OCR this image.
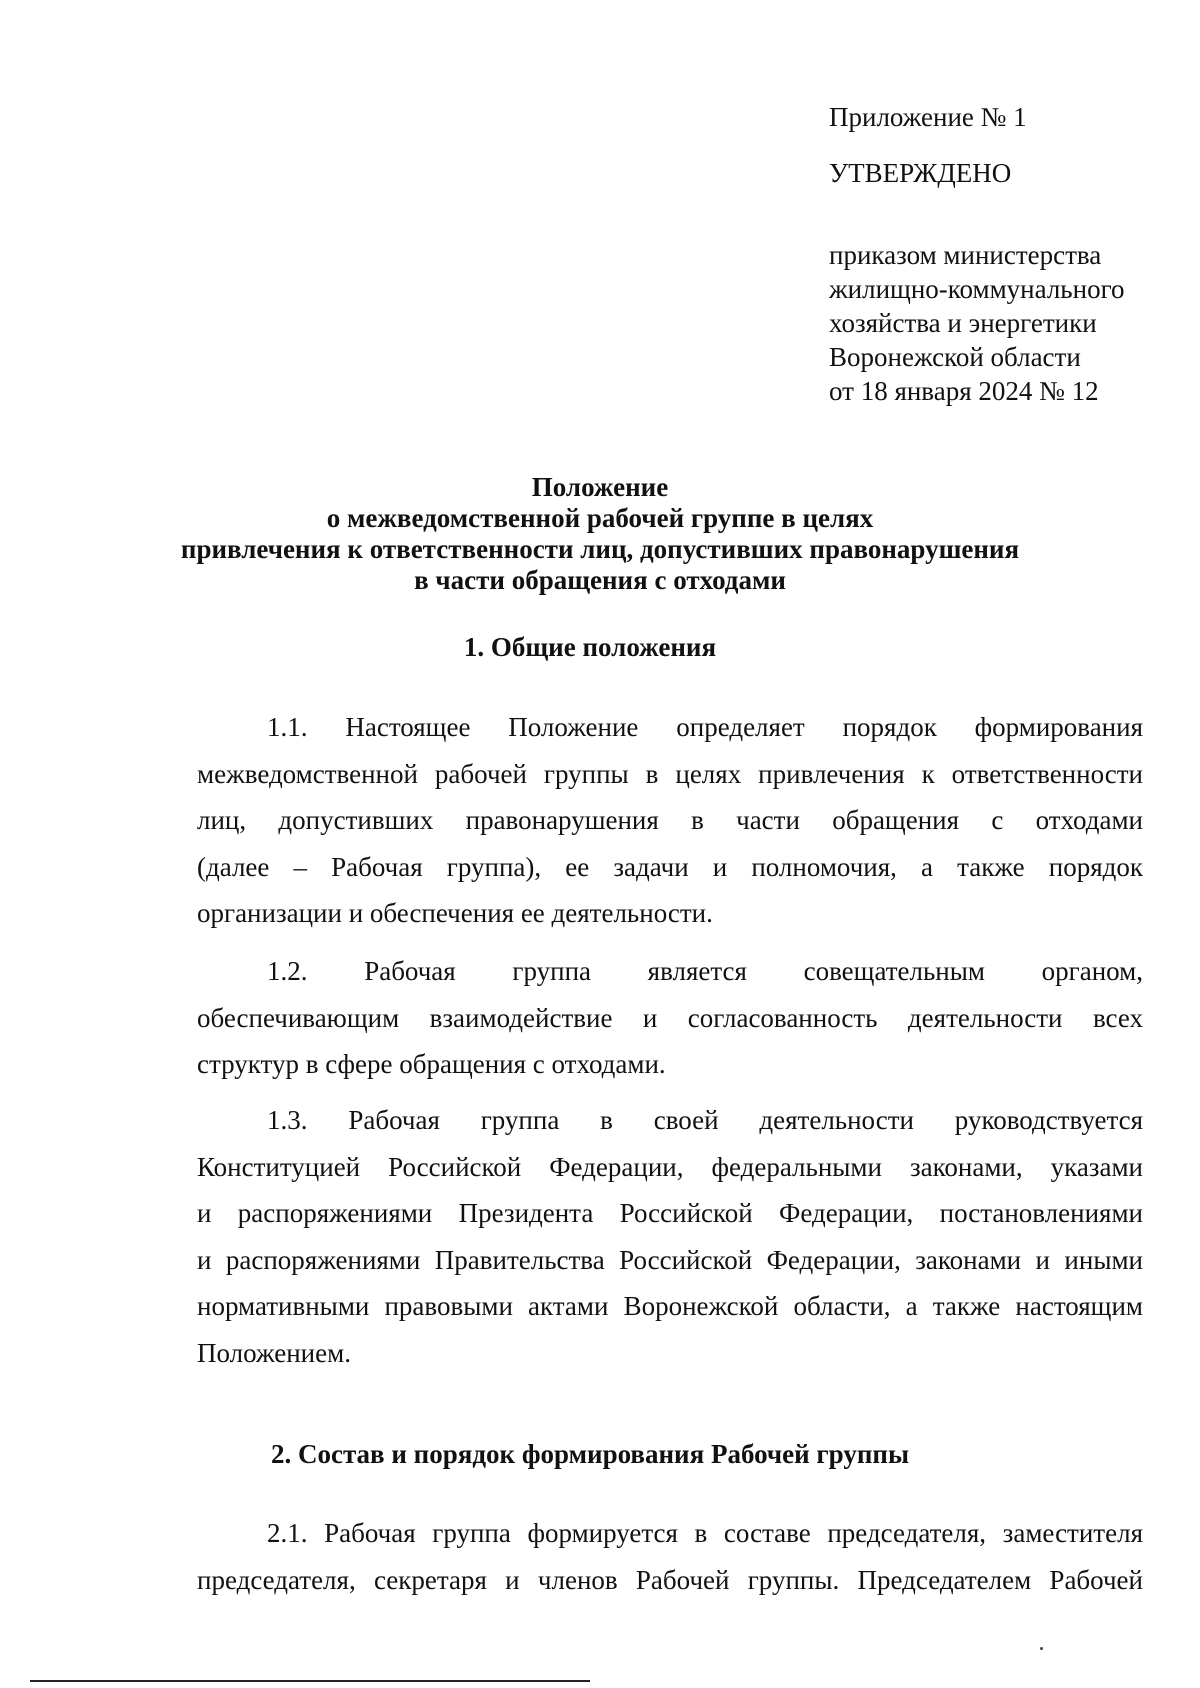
Приложение № 1
УТВЕРЖДЕНО
приказом министерства
жилищно-коммунального
хозяйства и энергетики
Воронежской области
от 18 января 2024 № 12
Положение
о межведомственной рабочей группе в целях
привлечения к ответственности лиц, допустивших правонарушения
в части обращения с отходами
1. Общие положения
1.1. Настоящее Положение определяет порядок формирования
межведомственной рабочей группы в целях привлечения к ответственности
лиц, допустивших правонарушения в части обращения с отходами
(далее – Рабочая группа), ее задачи и полномочия, а также порядок
организации и обеспечения ее деятельности.
1.2. Рабочая группа является совещательным органом,
обеспечивающим взаимодействие и согласованность деятельности всех
структур в сфере обращения с отходами.
1.3. Рабочая группа в своей деятельности руководствуется
Конституцией Российской Федерации, федеральными законами, указами
и распоряжениями Президента Российской Федерации, постановлениями
и распоряжениями Правительства Российской Федерации, законами и иными
нормативными правовыми актами Воронежской области, а также настоящим
Положением.
2. Состав и порядок формирования Рабочей группы
2.1. Рабочая группа формируется в составе председателя, заместителя
председателя, секретаря и членов Рабочей группы. Председателем Рабочей
